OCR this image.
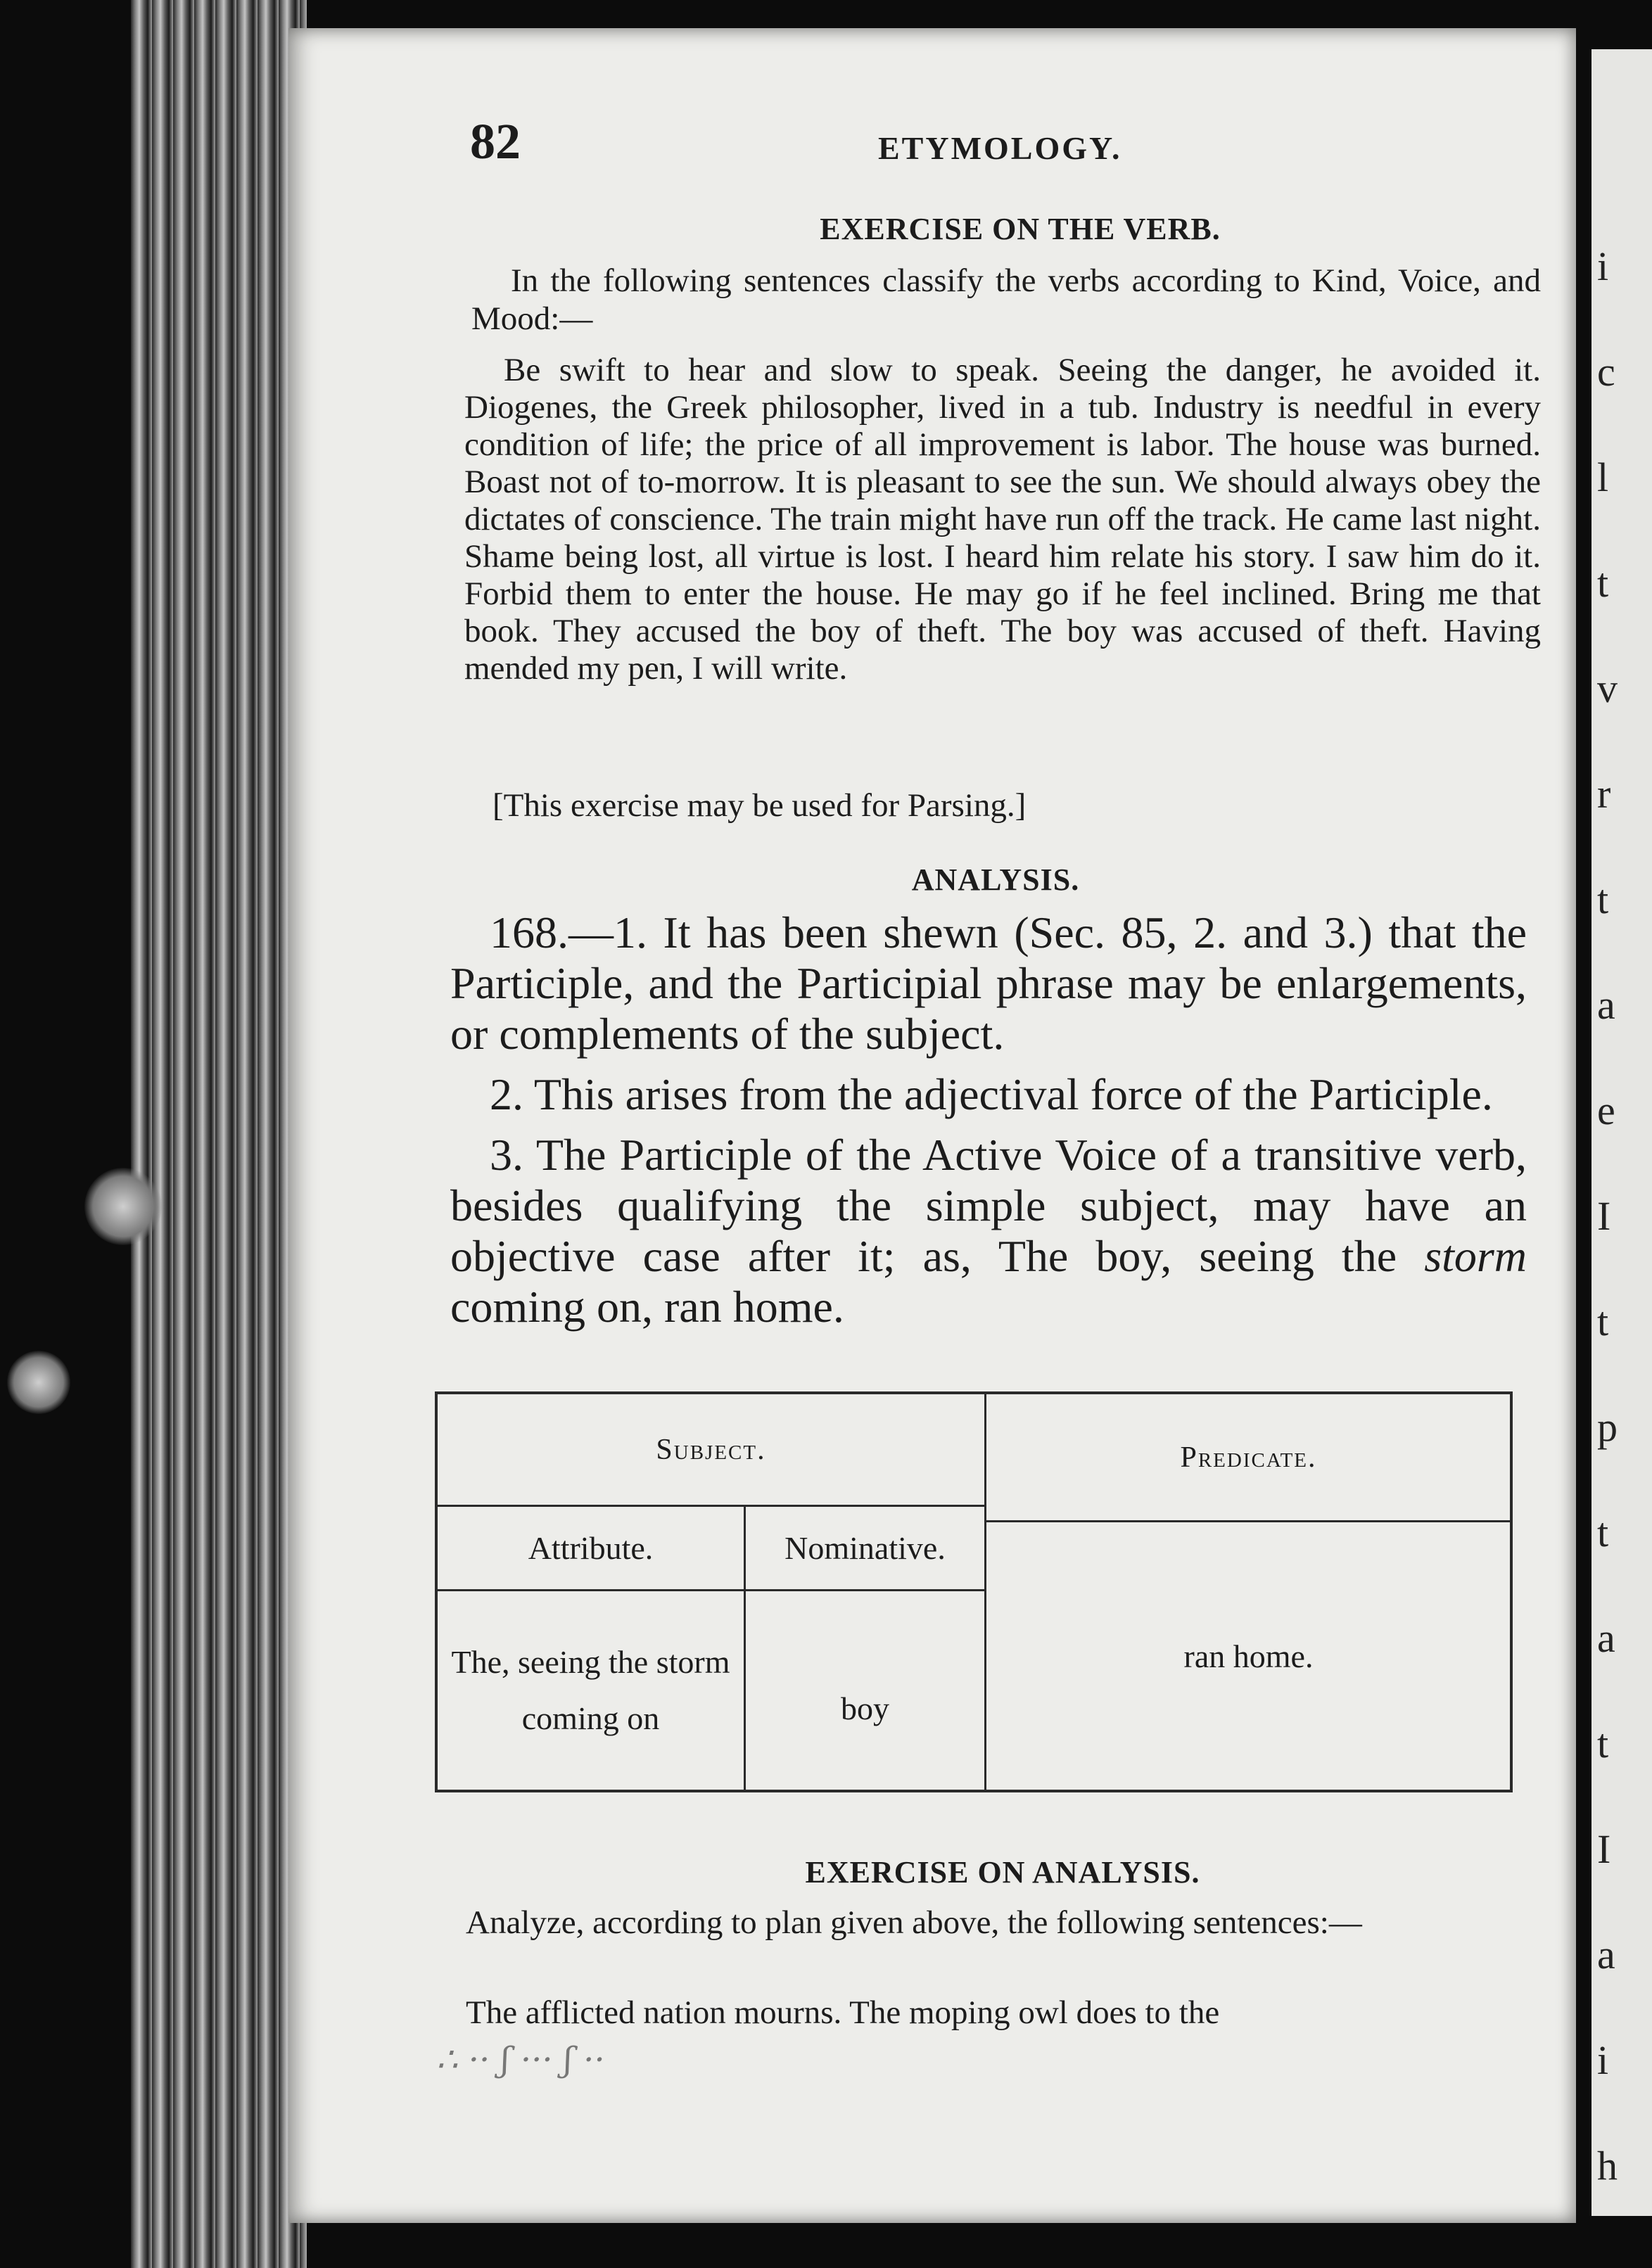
i
c
l
t
v
r
t
a
e
I
t
p
t
a
t
I
a
i
h
82	ETYMOLOGY.
EXERCISE ON THE VERB.
In the following sentences classify the verbs according to Kind, Voice, and Mood:—
Be swift to hear and slow to speak. Seeing the danger, he avoided it. Diogenes, the Greek philosopher, lived in a tub. Industry is needful in every condition of life; the price of all improvement is labor. The house was burned. Boast not of to-morrow. It is pleasant to see the sun. We should always obey the dictates of conscience. The train might have run off the track. He came last night. Shame being lost, all virtue is lost. I heard him relate his story. I saw him do it. Forbid them to enter the house. He may go if he feel inclined. Bring me that book. They accused the boy of theft. The boy was accused of theft. Having mended my pen, I will write.
[This exercise may be used for Parsing.]
ANALYSIS.

168.—1. It has been shewn (Sec. 85, 2. and 3.) that the Participle, and the Participial phrase may be enlargements, or complements of the subject.

2. This arises from the adjectival force of the Participle.

3. The Participle of the Active Voice of a transitive verb, besides qualifying the simple subject, may have an objective case after it; as, The boy, seeing the storm coming on, ran home.

Subject.	Predicate.
Attribute.	Nominative.
The, seeing the storm coming on	boy
ran home.
EXERCISE ON ANALYSIS.
Analyze, according to plan given above, the following sentences:—
The afflicted nation mourns. The moping owl does to the
∴ ·· ʃ ··· ʃ ··
